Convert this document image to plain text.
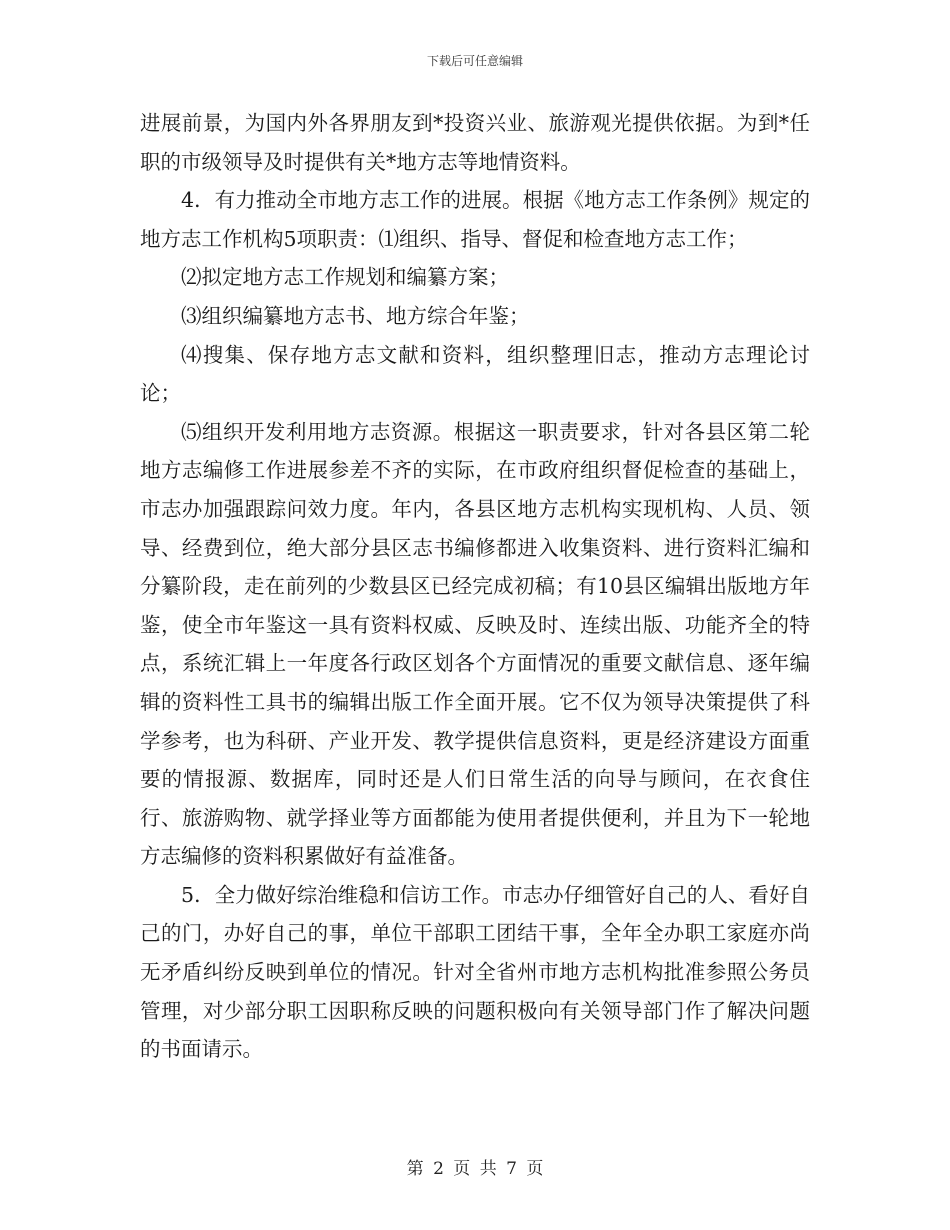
下载后可任意编辑

进展前景，为国内外各界朋友到*投资兴业、旅游观光提供依据。为到*任职的市级领导及时提供有关*地方志等地情资料。

4．有力推动全市地方志工作的进展。根据《地方志工作条例》规定的地方志工作机构5项职责：⑴组织、指导、督促和检查地方志工作；

⑵拟定地方志工作规划和编纂方案；

⑶组织编纂地方志书、地方综合年鉴；

⑷搜集、保存地方志文献和资料，组织整理旧志，推动方志理论讨论；

⑸组织开发利用地方志资源。根据这一职责要求，针对各县区第二轮地方志编修工作进展参差不齐的实际，在市政府组织督促检查的基础上，市志办加强跟踪问效力度。年内，各县区地方志机构实现机构、人员、领导、经费到位，绝大部分县区志书编修都进入收集资料、进行资料汇编和分纂阶段，走在前列的少数县区已经完成初稿；有10县区编辑出版地方年鉴，使全市年鉴这一具有资料权威、反映及时、连续出版、功能齐全的特点，系统汇辑上一年度各行政区划各个方面情况的重要文献信息、逐年编辑的资料性工具书的编辑出版工作全面开展。它不仅为领导决策提供了科学参考，也为科研、产业开发、教学提供信息资料，更是经济建设方面重要的情报源、数据库，同时还是人们日常生活的向导与顾问，在衣食住行、旅游购物、就学择业等方面都能为使用者提供便利，并且为下一轮地方志编修的资料积累做好有益准备。

5．全力做好综治维稳和信访工作。市志办仔细管好自己的人、看好自己的门，办好自己的事，单位干部职工团结干事，全年全办职工家庭亦尚无矛盾纠纷反映到单位的情况。针对全省州市地方志机构批准参照公务员管理，对少部分职工因职称反映的问题积极向有关领导部门作了解决问题的书面请示。

第 2 页 共 7 页
